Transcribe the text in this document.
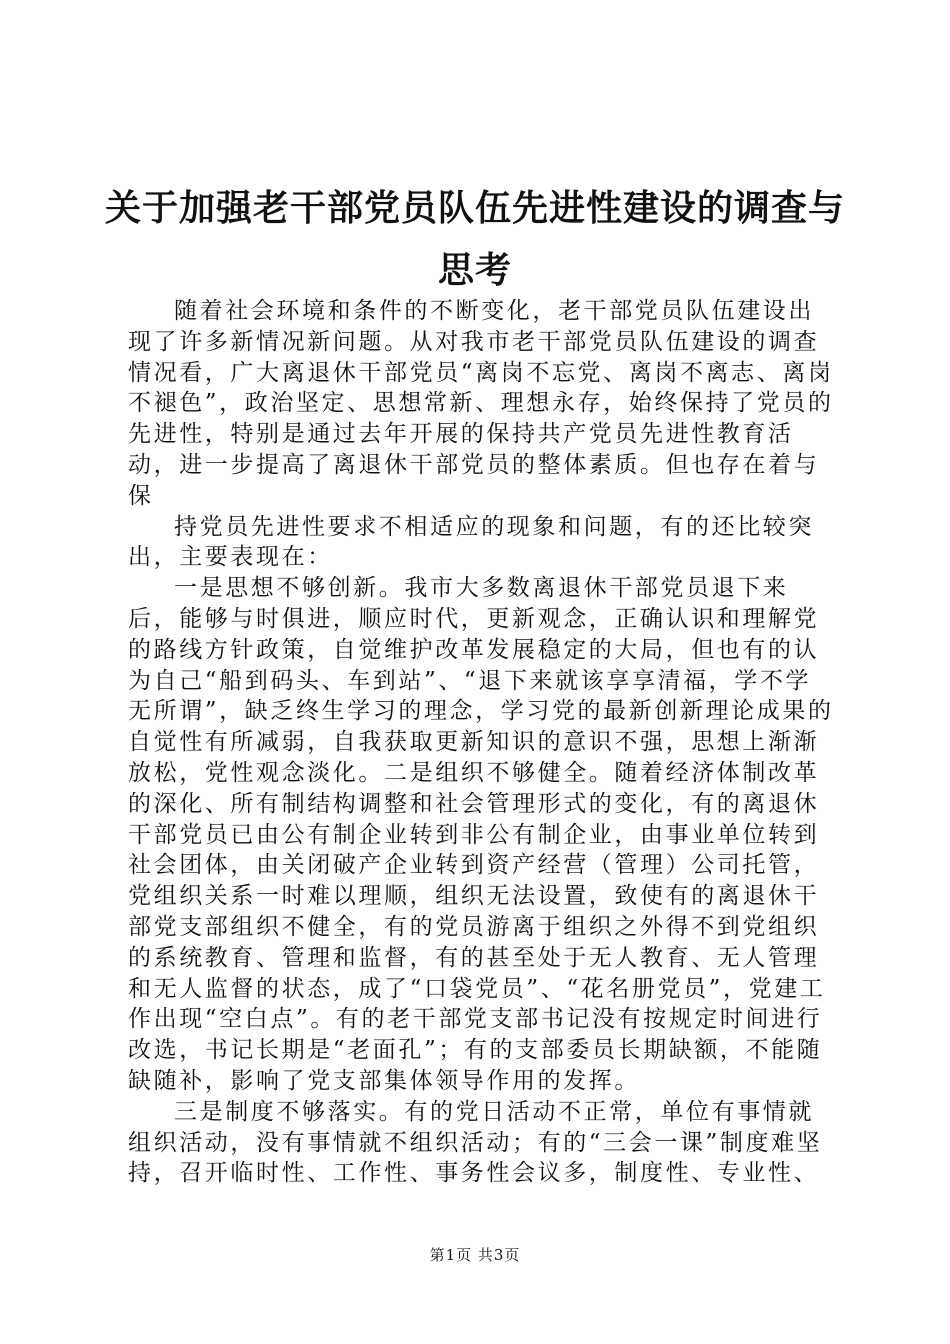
关于加强老干部党员队伍先进性建设的调查与
思考

随着社会环境和条件的不断变化，老干部党员队伍建设出现了许多新情况新问题。从对我市老干部党员队伍建设的调查情况看，广大离退休干部党员“离岗不忘党、离岗不离志、离岗不褪色”，政治坚定、思想常新、理想永存，始终保持了党员的先进性，特别是通过去年开展的保持共产党员先进性教育活动，进一步提高了离退休干部党员的整体素质。但也存在着与保

持党员先进性要求不相适应的现象和问题，有的还比较突出，主要表现在：

一是思想不够创新。我市大多数离退休干部党员退下来后，能够与时俱进，顺应时代，更新观念，正确认识和理解党的路线方针政策，自觉维护改革发展稳定的大局，但也有的认为自己“船到码头、车到站”、“退下来就该享享清福，学不学无所谓”，缺乏终生学习的理念，学习党的最新创新理论成果的自觉性有所减弱，自我获取更新知识的意识不强，思想上渐渐放松，党性观念淡化。二是组织不够健全。随着经济体制改革的深化、所有制结构调整和社会管理形式的变化，有的离退休干部党员已由公有制企业转到非公有制企业，由事业单位转到社会团体，由关闭破产企业转到资产经营（管理）公司托管，党组织关系一时难以理顺，组织无法设置，致使有的离退休干部党支部组织不健全，有的党员游离于组织之外得不到党组织的系统教育、管理和监督，有的甚至处于无人教育、无人管理和无人监督的状态，成了“口袋党员”、“花名册党员”，党建工作出现“空白点”。有的老干部党支部书记没有按规定时间进行改选，书记长期是“老面孔”；有的支部委员长期缺额，不能随缺随补，影响了党支部集体领导作用的发挥。

三是制度不够落实。有的党日活动不正常，单位有事情就组织活动，没有事情就不组织活动；有的“三会一课”制度难坚持，召开临时性、工作性、事务性会议多，制度性、专业性、

第1页 共3页
